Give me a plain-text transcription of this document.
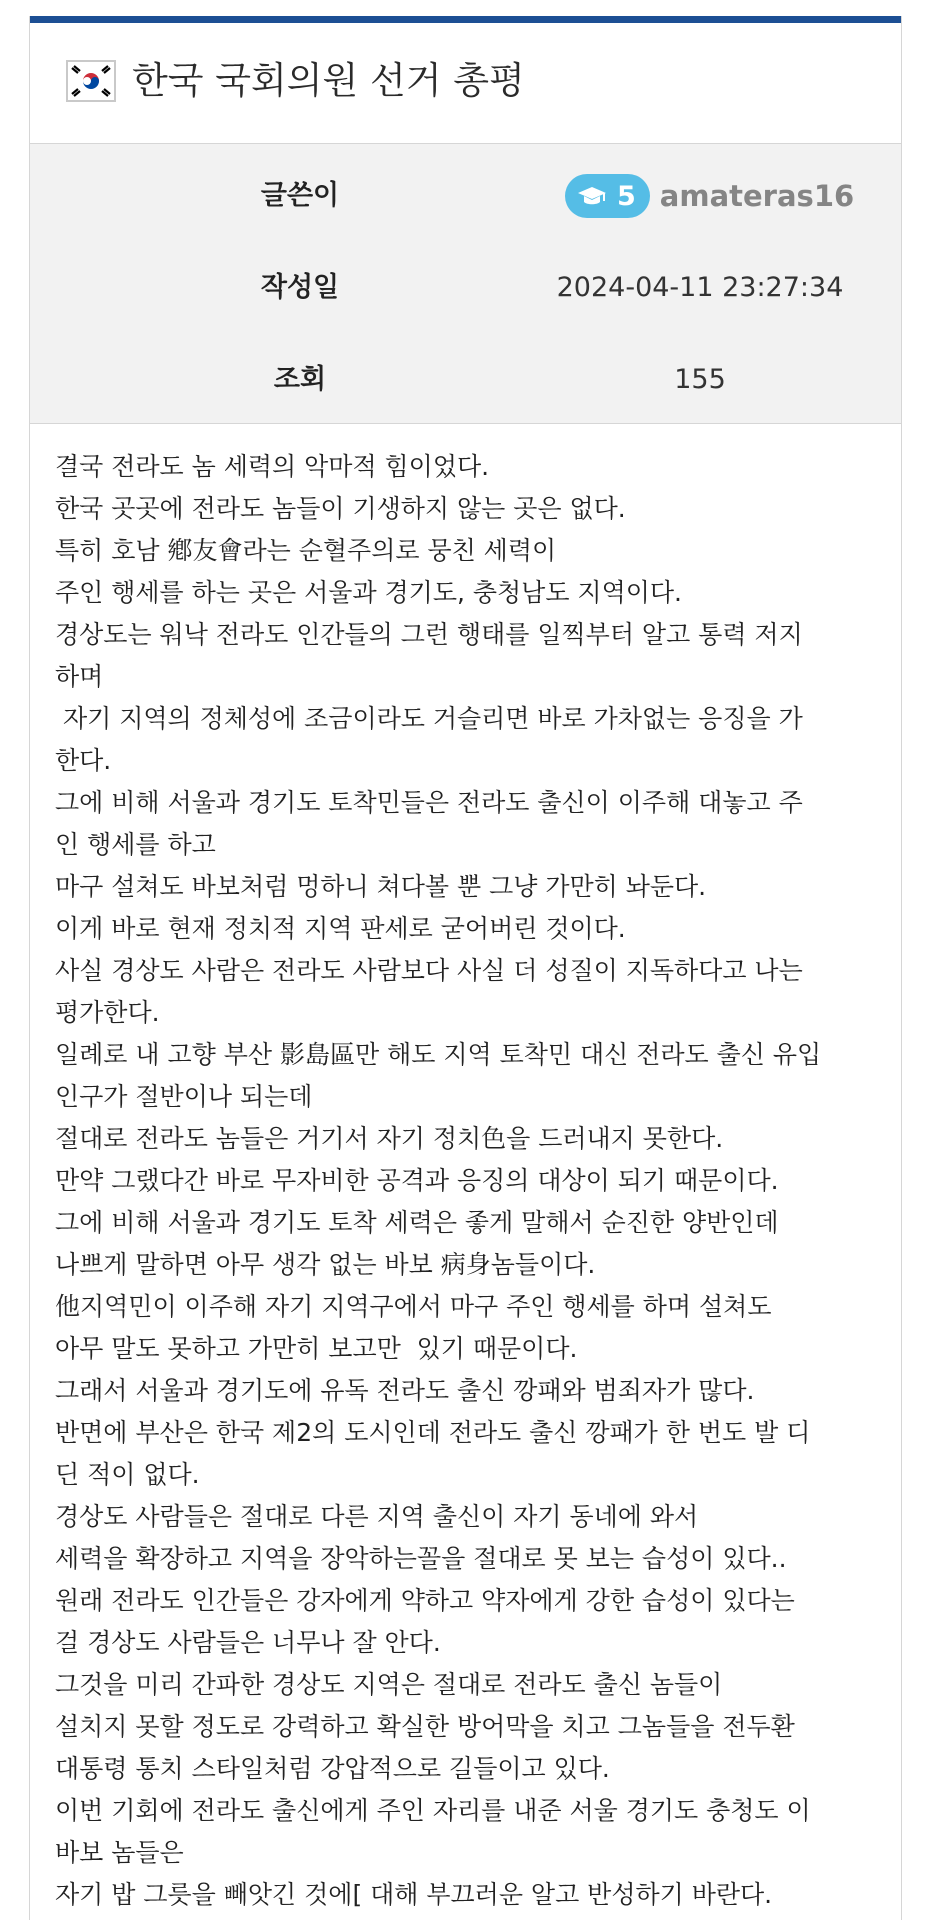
한국 국회의원 선거 총평
글쓴이	5 amateras16
작성일	2024-04-11 23:27:34
조회	155
결국 전라도 놈 세력의 악마적 힘이었다.
한국 곳곳에 전라도 놈들이 기생하지 않는 곳은 없다.
특히 호남 鄕友會라는 순혈주의로 뭉친 세력이
주인 행세를 하는 곳은 서울과 경기도, 충청남도 지역이다.
경상도는 워낙 전라도 인간들의 그런 행태를 일찍부터 알고 통력 저지
하며
자기 지역의 정체성에 조금이라도 거슬리면 바로 가차없는 응징을 가
한다.
그에 비해 서울과 경기도 토착민들은 전라도 출신이 이주해 대놓고 주
인 행세를 하고
마구 설쳐도 바보처럼 멍하니 쳐다볼 뿐 그냥 가만히 놔둔다.
이게 바로 현재 정치적 지역 판세로 굳어버린 것이다.
사실 경상도 사람은 전라도 사람보다 사실 더 성질이 지독하다고 나는
평가한다.
일례로 내 고향 부산 影島區만 해도 지역 토착민 대신 전라도 출신 유입
인구가 절반이나 되는데
절대로 전라도 놈들은 거기서 자기 정치色을 드러내지 못한다.
만약 그랬다간 바로 무자비한 공격과 응징의 대상이 되기 때문이다.
그에 비해 서울과 경기도 토착 세력은 좋게 말해서 순진한 양반인데
나쁘게 말하면 아무 생각 없는 바보 病身놈들이다.
他지역민이 이주해 자기 지역구에서 마구 주인 행세를 하며 설쳐도
아무 말도 못하고 가만히 보고만  있기 때문이다.
그래서 서울과 경기도에 유독 전라도 출신 깡패와 범죄자가 많다.
반면에 부산은 한국 제2의 도시인데 전라도 출신 깡패가 한 번도 발 디
딘 적이 없다.
경상도 사람들은 절대로 다른 지역 출신이 자기 동네에 와서
세력을 확장하고 지역을 장악하는꼴을 절대로 못 보는 습성이 있다..
원래 전라도 인간들은 강자에게 약하고 약자에게 강한 습성이 있다는
걸 경상도 사람들은 너무나 잘 안다.
그것을 미리 간파한 경상도 지역은 절대로 전라도 출신 놈들이
설치지 못할 정도로 강력하고 확실한 방어막을 치고 그놈들을 전두환
대통령 통치 스타일처럼 강압적으로 길들이고 있다.
이번 기회에 전라도 출신에게 주인 자리를 내준 서울 경기도 충청도 이
바보 놈들은
자기 밥 그릇을 빼앗긴 것에[ 대해 부끄러운 알고 반성하기 바란다.
